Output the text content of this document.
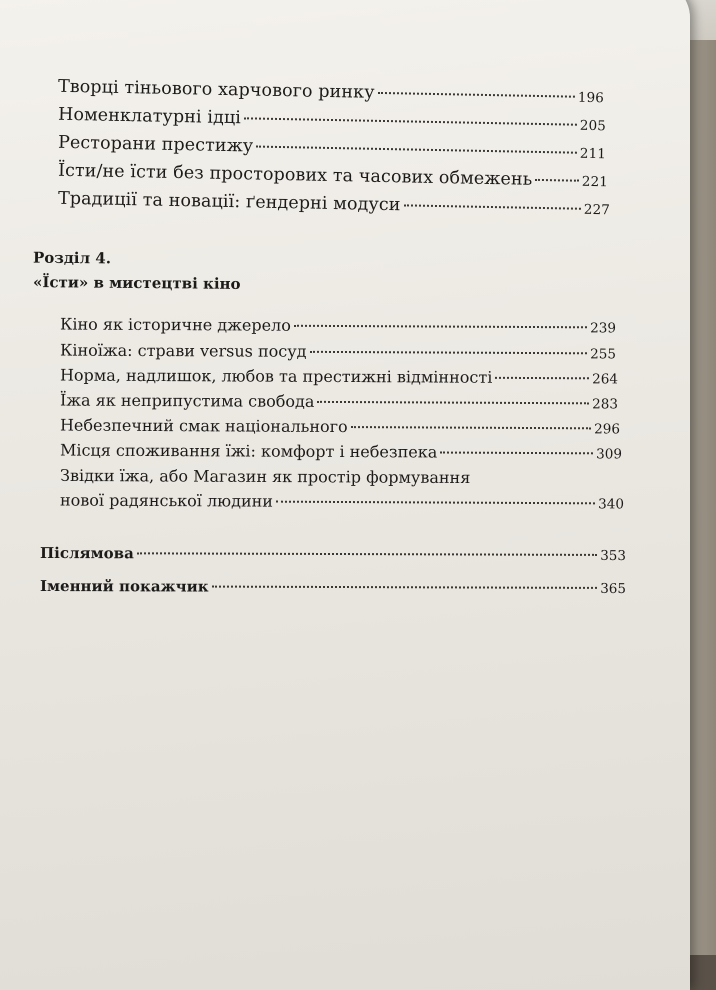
Творці тіньового харчового ринку	196
Номенклатурні ідці	205
Ресторани престижу	211
Їсти/не їсти без просторових та часових обмежень	221
Традиції та новації: ґендерні модуси	227
Розділ 4.
«Їсти» в мистецтві кіно
Кіно як історичне джерело	239
Кіноїжа: страви versus посуд	255
Норма, надлишок, любов та престижні відмінності	264
Їжа як неприпустима свобода	283
Небезпечний смак національного	296
Місця споживання їжі: комфорт і небезпека	309
Звідки їжа, або Магазин як простір формування
нової радянської людини	340
Післямова	353
Іменний покажчик	365
